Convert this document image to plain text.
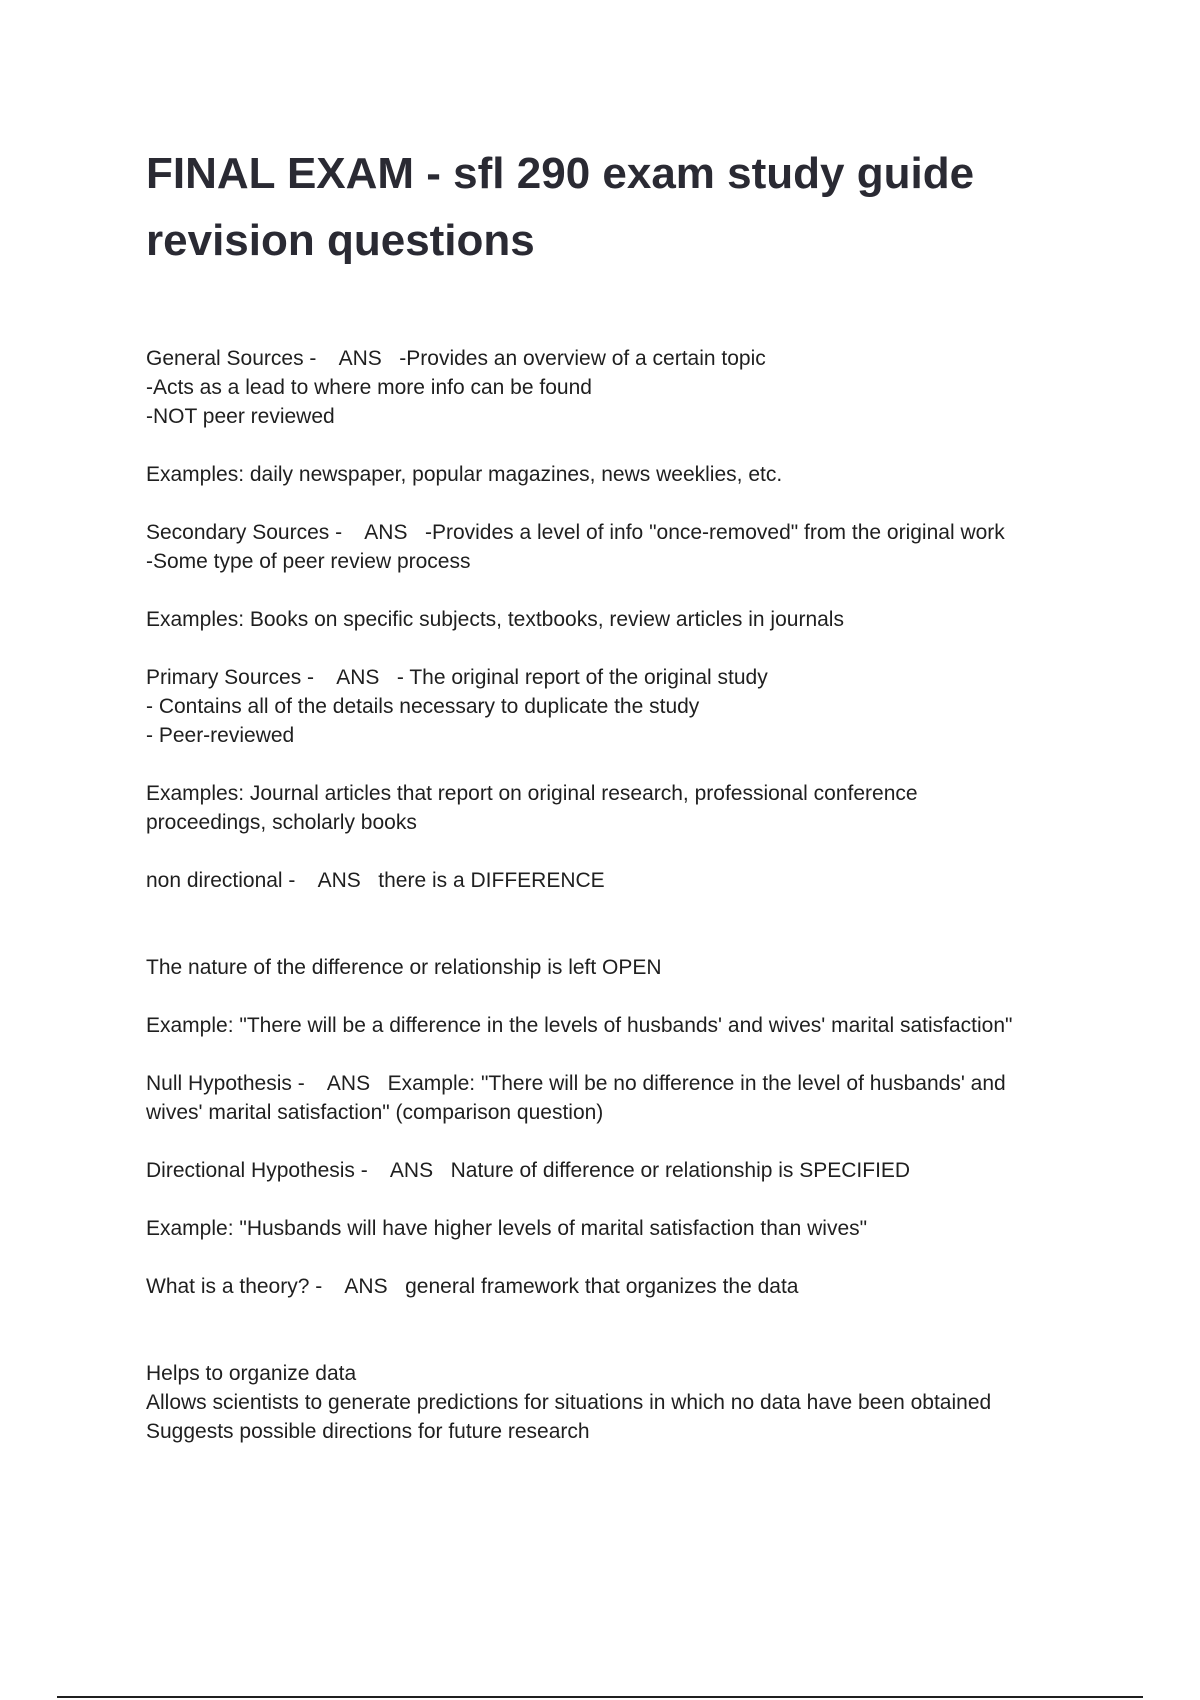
FINAL EXAM - sfl 290 exam study guide revision questions

General Sources -    ANS   -Provides an overview of a certain topic

-Acts as a lead to where more info can be found

-NOT peer reviewed

Examples: daily newspaper, popular magazines, news weeklies, etc.

Secondary Sources -    ANS   -Provides a level of info "once-removed" from the original work

-Some type of peer review process

Examples: Books on specific subjects, textbooks, review articles in journals

Primary Sources -    ANS   - The original report of the original study

- Contains all of the details necessary to duplicate the study

- Peer-reviewed

Examples: Journal articles that report on original research, professional conference

proceedings, scholarly books

non directional -    ANS   there is a DIFFERENCE

The nature of the difference or relationship is left OPEN

Example: "There will be a difference in the levels of husbands' and wives' marital satisfaction"

Null Hypothesis -    ANS   Example: "There will be no difference in the level of husbands' and

wives' marital satisfaction" (comparison question)

Directional Hypothesis -    ANS   Nature of difference or relationship is SPECIFIED

Example: "Husbands will have higher levels of marital satisfaction than wives"

What is a theory? -    ANS   general framework that organizes the data

Helps to organize data

Allows scientists to generate predictions for situations in which no data have been obtained

Suggests possible directions for future research
